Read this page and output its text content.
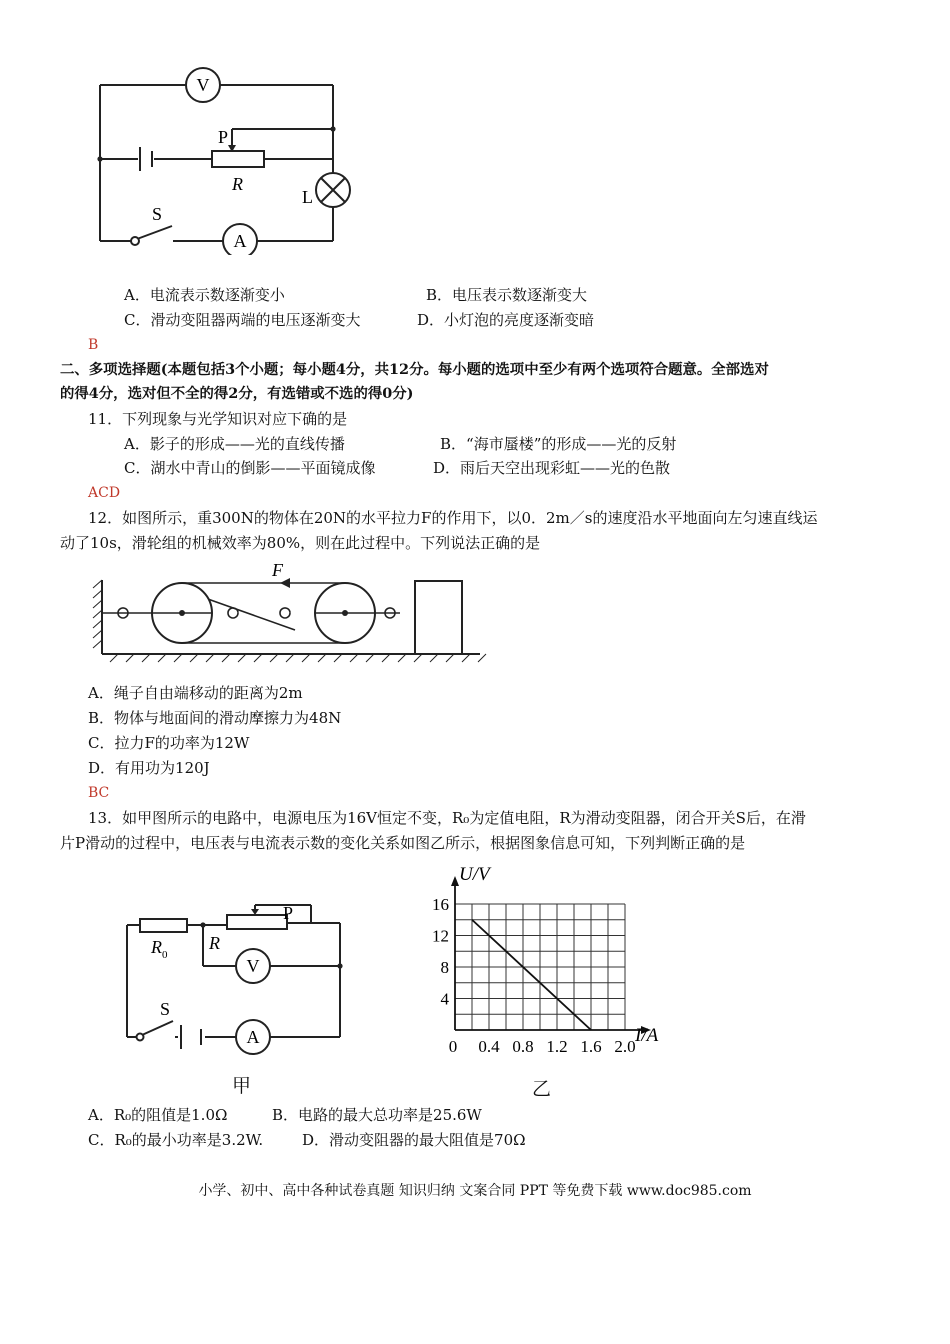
V
P
R
L
S
A
A．电流表示数逐渐变小	B．电压表示数逐渐变大
C．滑动变阻器两端的电压逐渐变大	D．小灯泡的亮度逐渐变暗
B
二、多项选择题(本题包括3个小题；每小题4分，共12分。每小题的选项中至少有两个选项符合题意。全部选对
的得4分，选对但不全的得2分，有选错或不选的得0分)
11．下列现象与光学知识对应下确的是
A．影子的形成——光的直线传播	B．“海市蜃楼”的形成——光的反射
C．湖水中青山的倒影——平面镜成像	D．雨后天空出现彩虹——光的色散
ACD
12．如图所示，重300N的物体在20N的水平拉力F的作用下，以0．2m／s的速度沿水平地面向左匀速直线运
动了10s，滑轮组的机械效率为80%，则在此过程中。下列说法正确的是
F
A．绳子自由端移动的距离为2m
B．物体与地面间的滑动摩擦力为48N
C．拉力F的功率为12W
D．有用功为120J
BC
13．如甲图所示的电路中，电源电压为16V恒定不变，R₀为定值电阻，R为滑动变阻器，闭合开关S后，在滑
片P滑动的过程中，电压表与电流表示数的变化关系如图乙所示，根据图象信息可知，下列判断正确的是
$R_0$
R
P
V
S
A
甲
0 0.4 0.8 1.2 1.6 2.0
4
8
12
16
U/V
I/A
乙
A．R₀的阻值是1.0Ω	B．电路的最大总功率是25.6W
C．R₀的最小功率是3.2W.	D．滑动变阻器的最大阻值是70Ω
小学、初中、高中各种试卷真题 知识归纳 文案合同 PPT 等免费下载 www.doc985.com
